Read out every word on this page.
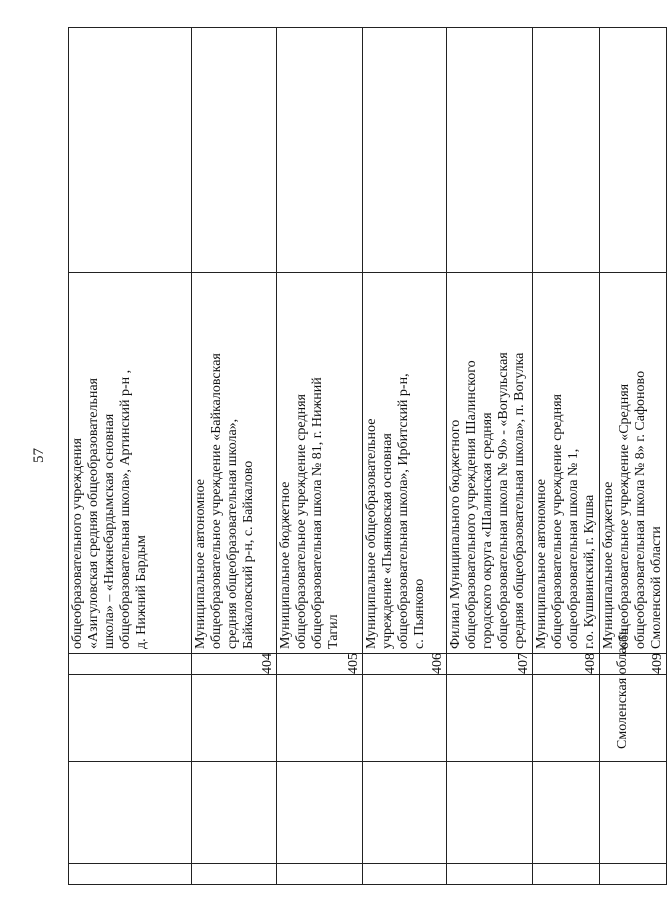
57

				общеобразовательного учреждения «Азигуловская средняя общеобразовательная школа» – «Нижнебардымская основная общеобразовательная школа», Артинский р-н , д. Нижний Бардым	

			404	Муниципальное автономное общеобразовательное учреждение «Байкаловская средняя общеобразовательная школа», Байкаловский р-н, с. Байкалово	

			405	Муниципальное бюджетное общеобразовательное учреждение средняя общеобразовательная школа № 81, г. Нижний Тагил	

			406	Муниципальное общеобразовательное учреждение «Пьянковская основная общеобразовательная школа», Ирбитский р-н, с. Пьянково	

			407	Филиал Муниципального бюджетного общеобразовательного учреждения Шалинского городского округа «Шалинская средняя общеобразовательная школа № 90» - «Вогульская средняя общеобразовательная школа», п. Вогулка	

			408	Муниципальное автономное общеобразовательное учреждение средняя общеобразовательная школа № 1, г.о. Кушвинский, г. Кушва	

		Смоленская область	409	Муниципальное бюджетное общеобразовательное учреждение «Средняя общеобразовательная школа № 8» г. Сафоново Смоленской области	
